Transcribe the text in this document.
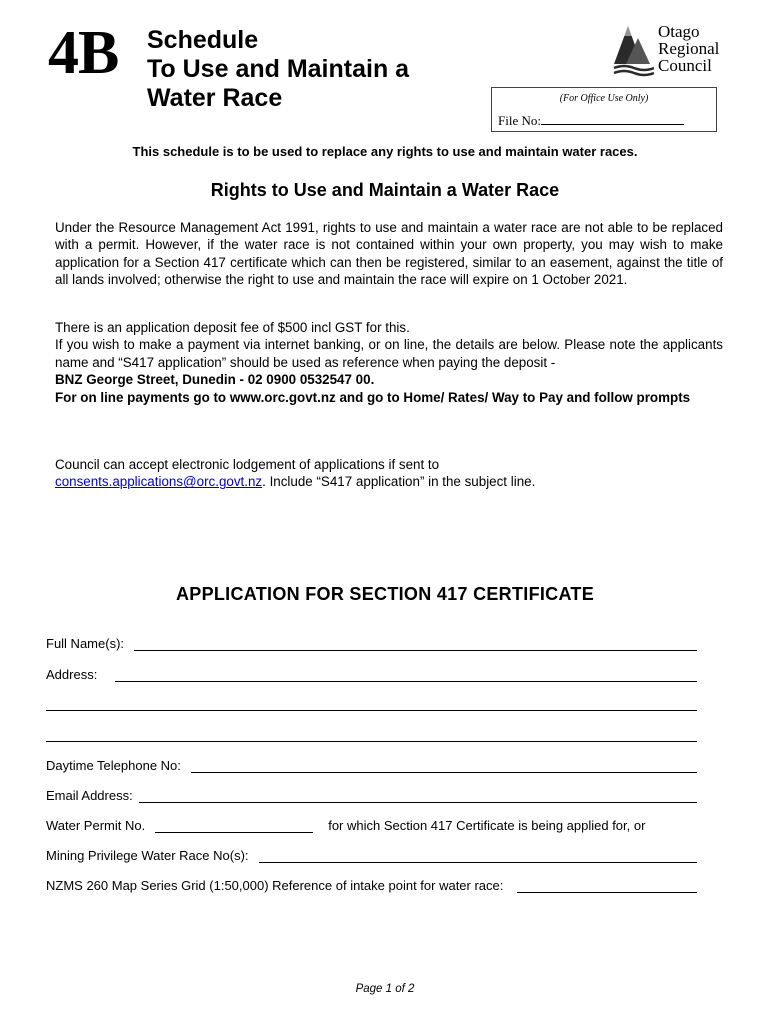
4B Schedule
To Use and Maintain a
Water Race
Otago
Regional
Council
(For Office Use Only)
File No:
This schedule is to be used to replace any rights to use and maintain water races.
Rights to Use and Maintain a Water Race
Under the Resource Management Act 1991, rights to use and maintain a water race are not able to be replaced with a permit. However, if the water race is not contained within your own property, you may wish to make application for a Section 417 certificate which can then be registered, similar to an easement, against the title of all lands involved; otherwise the right to use and maintain the race will expire on 1 October 2021.

There is an application deposit fee of $500 incl GST for this.

If you wish to make a payment via internet banking, or on line, the details are below. Please note the applicants name and “S417 application” should be used as reference when paying the deposit -

BNZ George Street, Dunedin - 02 0900 0532547 00.

For on line payments go to www.orc.govt.nz and go to Home/ Rates/ Way to Pay and follow prompts

Council can accept electronic lodgement of applications if sent to

consents.applications@orc.govt.nz. Include “S417 application” in the subject line.

APPLICATION FOR SECTION 417 CERTIFICATE
Full Name(s):
Address:
Daytime Telephone No:
Email Address:
Water Permit No.	for which Section 417 Certificate is being applied for, or
Mining Privilege Water Race No(s):
NZMS 260 Map Series Grid (1:50,000) Reference of intake point for water race:
Page 1 of 2
